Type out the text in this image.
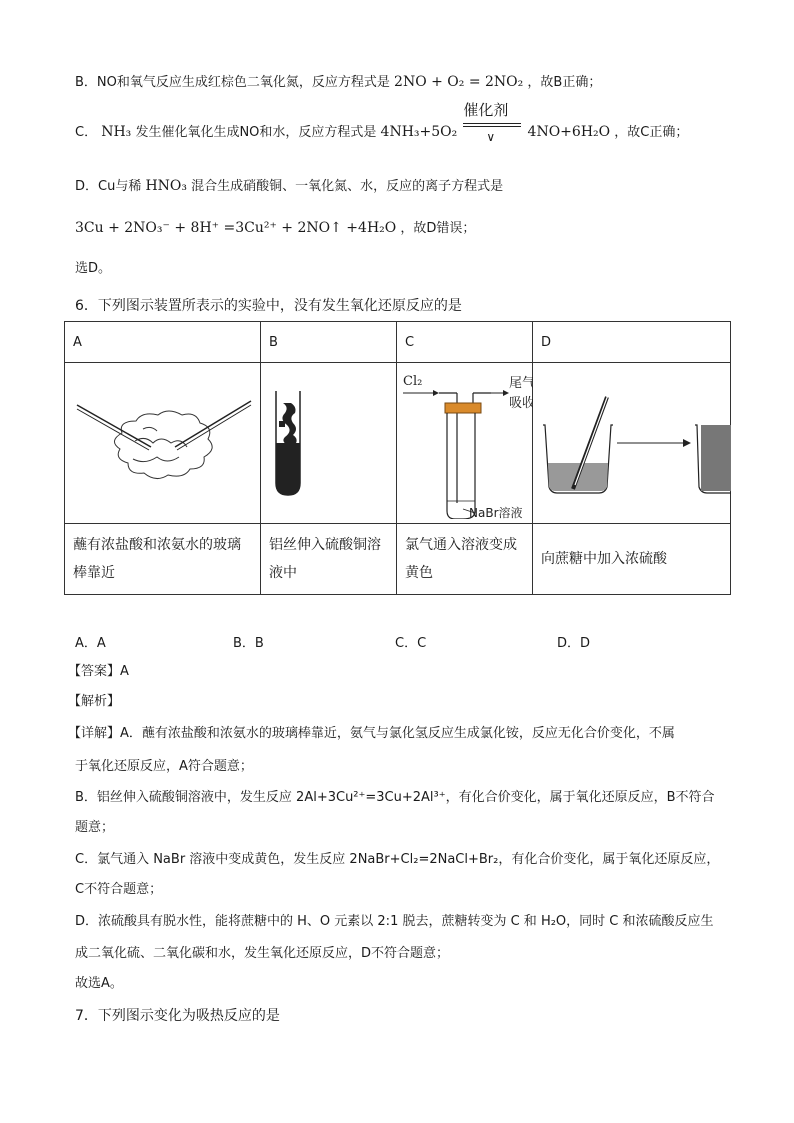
B．NO和氧气反应生成红棕色二氧化氮，反应方程式是 2NO + O₂ = 2NO₂ ，故B正确；
C． NH₃ 发生催化氧化生成NO和水，反应方程式是 4NH₃+5O₂
催化剂
∨ 4NO+6H₂O ，故C正确；
D．Cu与稀 HNO₃ 混合生成硝酸铜、一氧化氮、水，反应的离子方程式是
3Cu + 2NO₃⁻ + 8H⁺ =3Cu²⁺ + 2NO↑ +4H₂O ，故D错误；
选D。
6．下列图示装置所表示的实验中，没有发生氧化还原反应的是
A	B	C	D

Cl₂ 尾气
吸收
NaBr溶液

蘸有浓盐酸和浓氨水的玻璃棒靠近	铝丝伸入硫酸铜溶液中	氯气通入溶液变成黄色	向蔗糖中加入浓硫酸
A．A	B．B	C．C	D．D
【答案】A
【解析】
【详解】A．蘸有浓盐酸和浓氨水的玻璃棒靠近，氨气与氯化氢反应生成氯化铵，反应无化合价变化，不属
于氧化还原反应，A符合题意；
B．铝丝伸入硫酸铜溶液中，发生反应 2Al+3Cu²⁺=3Cu+2Al³⁺，有化合价变化，属于氧化还原反应，B不符合
题意；
C．氯气通入 NaBr 溶液中变成黄色，发生反应 2NaBr+Cl₂=2NaCl+Br₂，有化合价变化，属于氧化还原反应，
C不符合题意；
D．浓硫酸具有脱水性，能将蔗糖中的 H、O 元素以 2:1 脱去，蔗糖转变为 C 和 H₂O，同时 C 和浓硫酸反应生
成二氧化硫、二氧化碳和水，发生氧化还原反应，D不符合题意；
故选A。
7．下列图示变化为吸热反应的是
